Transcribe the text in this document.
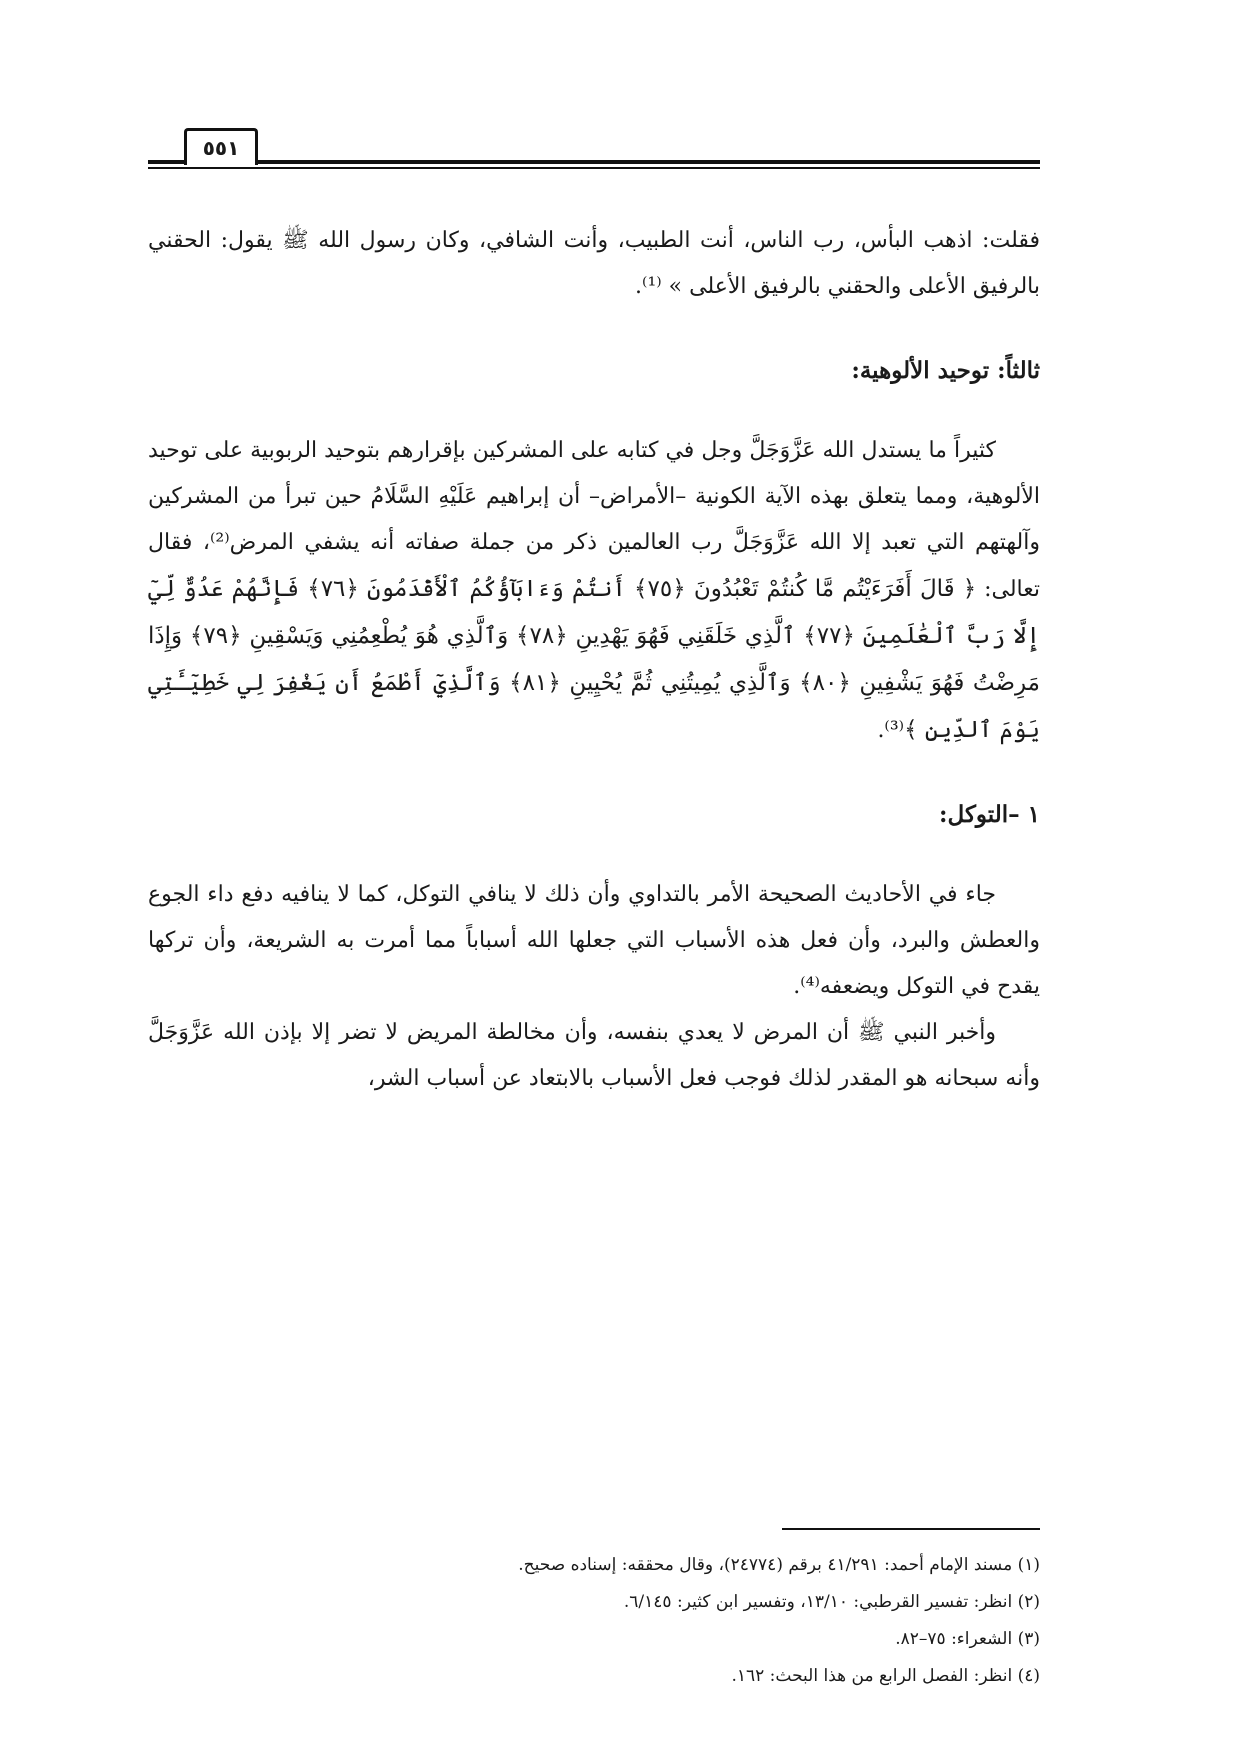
٥٥١

فقلت: اذهب البأس، رب الناس، أنت الطبيب، وأنت الشافي، وكان رسول الله ﷺ يقول: الحقني بالرفيق الأعلى والحقني بالرفيق الأعلى » ⁽¹⁾.

ثالثاً: توحيد الألوهية:

كثيراً ما يستدل الله عَزَّوَجَلَّ وجل في كتابه على المشركين بإقرارهم بتوحيد الربوبية على توحيد الألوهية، ومما يتعلق بهذه الآية الكونية –الأمراض– أن إبراهيم عَلَيْهِ السَّلَامُ حين تبرأ من المشركين وآلهتهم التي تعبد إلا الله عَزَّوَجَلَّ رب العالمين ذكر من جملة صفاته أنه يشفي المرض⁽²⁾، فقال تعالى: ﴿ قَالَ أَفَرَءَيْتُم مَّا كُنتُمْ تَعْبُدُونَ ﴿٧٥﴾ أَنتُمْ وَءَابَآؤُكُمُ ٱلْأَقْدَمُونَ ﴿٧٦﴾ فَإِنَّهُمْ عَدُوٌّ لِّيٓ إِلَّا رَبَّ ٱلْعَٰلَمِينَ ﴿٧٧﴾ ٱلَّذِي خَلَقَنِي فَهُوَ يَهْدِينِ ﴿٧٨﴾ وَٱلَّذِي هُوَ يُطْعِمُنِي وَيَسْقِينِ ﴿٧٩﴾ وَإِذَا مَرِضْتُ فَهُوَ يَشْفِينِ ﴿٨٠﴾ وَٱلَّذِي يُمِيتُنِي ثُمَّ يُحْيِينِ ﴿٨١﴾ وَٱلَّذِيٓ أَطْمَعُ أَن يَغْفِرَ لِي خَطِيٓـَٔتِي يَوْمَ ٱلدِّينِ ﴾⁽³⁾.

١ –التوكل:

جاء في الأحاديث الصحيحة الأمر بالتداوي وأن ذلك لا ينافي التوكل، كما لا ينافيه دفع داء الجوع والعطش والبرد، وأن فعل هذه الأسباب التي جعلها الله أسباباً مما أمرت به الشريعة، وأن تركها يقدح في التوكل ويضعفه⁽⁴⁾.

وأخبر النبي ﷺ أن المرض لا يعدي بنفسه، وأن مخالطة المريض لا تضر إلا بإذن الله عَزَّوَجَلَّ وأنه سبحانه هو المقدر لذلك فوجب فعل الأسباب بالابتعاد عن أسباب الشر،

(١) مسند الإمام أحمد: ٤١/٢٩١ برقم (٢٤٧٧٤)، وقال محققه: إسناده صحيح.

(٢) انظر: تفسير القرطبي: ١٣/١٠، وتفسير ابن كثير: ٦/١٤٥.

(٣) الشعراء: ٧٥–٨٢.

(٤) انظر: الفصل الرابع من هذا البحث: ١٦٢.
